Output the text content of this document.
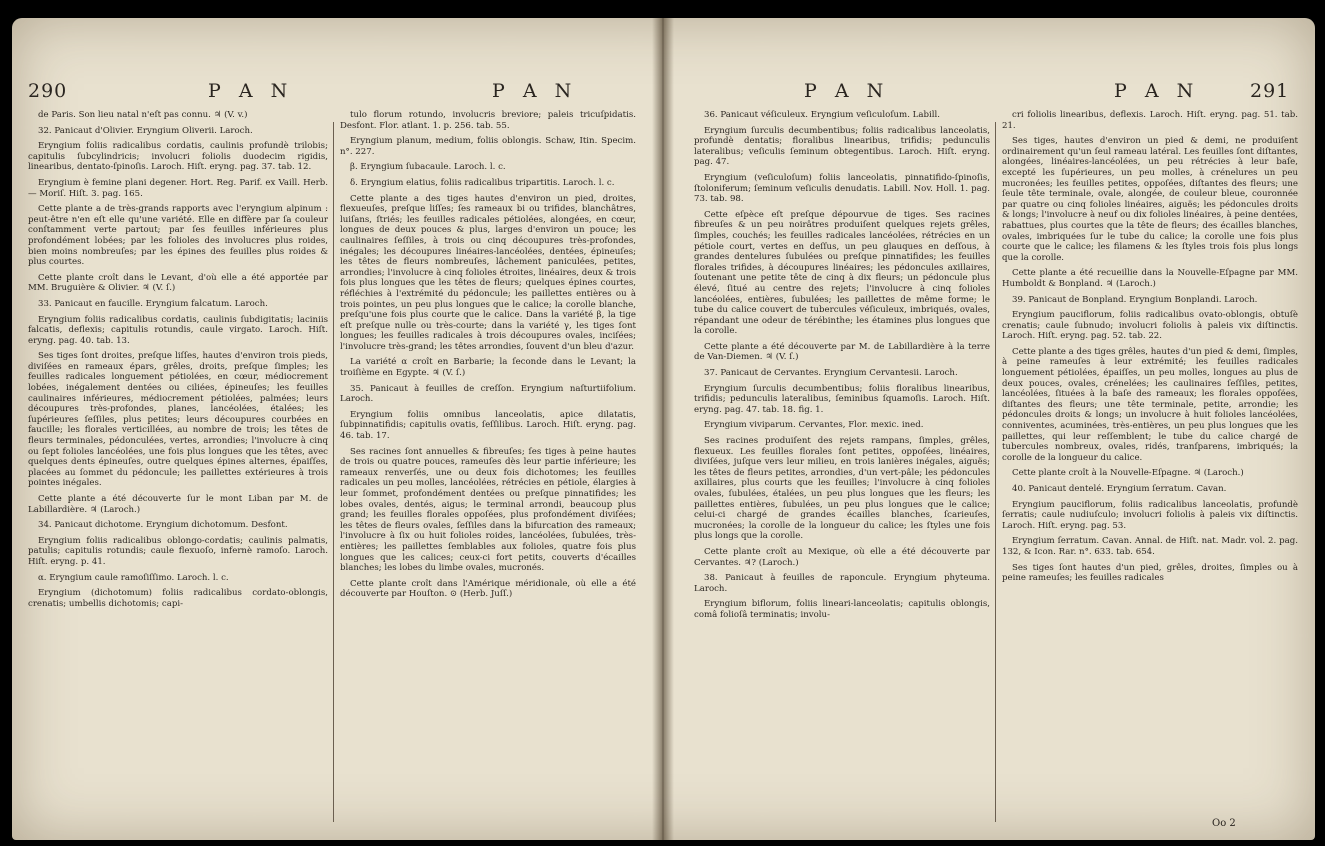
290	P A N	P A N

de Paris. Son lieu natal n'eſt pas connu. ♃ (V. v.)

32. Panicaut d'Olivier. Eryngium Oliverii. Laroch.

Eryngium foliis radicalibus cordatis, caulinis profundè trilobis; capitulis ſubcylindricis; involucri foliolis duodecim rigidis, linearibus, dentato-ſpinoſis. Laroch. Hiſt. eryng. pag. 37. tab. 12.

Eryngium è femine plani degener. Hort. Reg. Parif. ex Vaill. Herb. — Moriſ. Hiſt. 3. pag. 165.

Cette plante a de très-grands rapports avec l'eryngium alpinum : peut-être n'en eſt elle qu'une variété. Elle en diffère par ſa couleur conſtamment verte partout; par ſes feuilles inférieures plus profondément lobées; par les folioles des involucres plus roides, bien moins nombreuſes; par les épines des feuilles plus roides & plus courtes.

Cette plante croît dans le Levant, d'où elle a été apportée par MM. Bruguière & Olivier. ♃ (V. ſ.)

33. Panicaut en faucille. Eryngium falcatum. Laroch.

Eryngium foliis radicalibus cordatis, caulinis ſubdigitatis; laciniis falcatis, deflexis; capitulis rotundis, caule virgato. Laroch. Hiſt. eryng. pag. 40. tab. 13.

Ses tiges ſont droites, preſque liſſes, hautes d'environ trois pieds, diviſées en rameaux épars, grêles, droits, preſque ſimples; les feuilles radicales longuement pétiolées, en cœur, médiocrement lobées, inégalement dentées ou ciliées, épineuſes; les feuilles caulinaires inférieures, médiocrement pétiolées, palmées; leurs découpures très-profondes, planes, lancéolées, étalées; les ſupérieures ſeſſiles, plus petites; leurs découpures courbées en faucille; les florales verticillées, au nombre de trois; les têtes de fleurs terminales, pédonculées, vertes, arrondies; l'involucre à cinq ou ſept folioles lancéolées, une fois plus longues que les têtes, avec quelques dents épineuſes, outre quelques épines alternes, épaiſſes, placées au ſommet du pédoncule; les paillettes extérieures à trois pointes inégales.

Cette plante a été découverte ſur le mont Liban par M. de Labillardière. ♃ (Laroch.)

34. Panicaut dichotome. Eryngium dichotomum. Desfont.

Eryngium foliis radicalibus oblongo-cordatis; caulinis palmatis, patulis; capitulis rotundis; caule flexuoſo, infernè ramoſo. Laroch. Hiſt. eryng. p. 41.

α. Eryngium caule ramoſiſſimo. Laroch. l. c.

Eryngium (dichotomum) foliis radicalibus cordato-oblongis, crenatis; umbellis dichotomis; capi-

tulo florum rotundo, involucris breviore; paleis tricuſpidatis. Desfont. Flor. atlant. 1. p. 256. tab. 55.

Eryngium planum, medium, foliis oblongis. Schaw, Itin. Specim. n°. 227.

β. Eryngium ſubacaule. Laroch. l. c.

δ. Eryngium elatius, foliis radicalibus tripartitis. Laroch. l. c.

Cette plante a des tiges hautes d'environ un pied, droites, flexueuſes, preſque liſſes; ſes rameaux bi ou trifides, blanchâtres, luiſans, ſtriés; les feuilles radicales pétiolées, alongées, en cœur, longues de deux pouces & plus, larges d'environ un pouce; les caulinaires ſeſſiles, à trois ou cinq découpures très-profondes, inégales; les découpures linéaires-lancéolées, dentées, épineuſes; les têtes de fleurs nombreuſes, lâchement paniculées, petites, arrondies; l'involucre à cinq folioles étroites, linéaires, deux & trois fois plus longues que les têtes de fleurs; quelques épines courtes, réfléchies à l'extrémité du pédoncule; les paillettes entières ou à trois pointes, un peu plus longues que le calice; la corolle blanche, preſqu'une fois plus courte que le calice. Dans la variété β, la tige eſt preſque nulle ou très-courte; dans la variété γ, les tiges ſont longues; les feuilles radicales à trois découpures ovales, inciſées; l'involucre très-grand; les têtes arrondies, ſouvent d'un bleu d'azur.

La variété α croît en Barbarie; la ſeconde dans le Levant; la troiſième en Egypte. ♃ (V. ſ.)

35. Panicaut à feuilles de creſſon. Eryngium naſturtiifolium. Laroch.

Eryngium foliis omnibus lanceolatis, apice dilatatis, ſubpinnatifidis; capitulis ovatis, ſeſſilibus. Laroch. Hiſt. eryng. pag. 46. tab. 17.

Ses racines ſont annuelles & fibreuſes; ſes tiges à peine hautes de trois ou quatre pouces, rameuſes dès leur partie inférieure; les rameaux renverſés, une ou deux fois dichotomes; les feuilles radicales un peu molles, lancéolées, rétrécies en pétiole, élargies à leur ſommet, profondément dentées ou preſque pinnatifides; les lobes ovales, dentés, aigus; le terminal arrondi, beaucoup plus grand; les feuilles florales oppoſées, plus profondément diviſées; les têtes de fleurs ovales, ſeſſiles dans la bifurcation des rameaux; l'involucre à ſix ou huit folioles roides, lancéolées, ſubulées, très-entières; les paillettes ſemblables aux folioles, quatre fois plus longues que les calices; ceux-ci fort petits, couverts d'écailles blanches; les lobes du limbe ovales, mucronés.

Cette plante croît dans l'Amérique méridionale, où elle a été découverte par Houſton. ⊙ (Herb. Juſſ.)

P A N	P A N	291

36. Panicaut véſiculeux. Eryngium veſiculoſum. Labill.

Eryngium ſurculis decumbentibus; foliis radicalibus lanceolatis, profundè dentatis; floralibus linearibus, trifidis; pedunculis lateralibus; veſiculis ſeminum obtegentibus. Laroch. Hiſt. eryng. pag. 47.

Eryngium (veſiculoſum) foliis lanceolatis, pinnatifido-ſpinoſis, ſtoloniferum; ſeminum veſiculis denudatis. Labill. Nov. Holl. 1. pag. 73. tab. 98.

Cette eſpèce eſt preſque dépourvue de tiges. Ses racines fibreuſes & un peu noirâtres produiſent quelques rejets grêles, ſimples, couchés; les feuilles radicales lancéolées, rétrécies en un pétiole court, vertes en deſſus, un peu glauques en deſſous, à grandes dentelures ſubulées ou preſque pinnatifides; les feuilles florales trifides, à découpures linéaires; les pédoncules axillaires, ſoutenant une petite tête de cinq à dix fleurs; un pédoncule plus élevé, ſitué au centre des rejets; l'involucre à cinq folioles lancéolées, entières, ſubulées; les paillettes de même forme; le tube du calice couvert de tubercules véſiculeux, imbriqués, ovales, répandant une odeur de térébinthe; les étamines plus longues que la corolle.

Cette plante a été découverte par M. de Labillardière à la terre de Van-Diemen. ♃ (V. ſ.)

37. Panicaut de Cervantes. Eryngium Cervantesii. Laroch.

Eryngium ſurculis decumbentibus; foliis floralibus linearibus, trifidis; pedunculis lateralibus, ſeminibus ſquamoſis. Laroch. Hiſt. eryng. pag. 47. tab. 18. fig. 1.

Eryngium viviparum. Cervantes, Flor. mexic. ined.

Ses racines produiſent des rejets rampans, ſimples, grêles, flexueux. Les feuilles florales ſont petites, oppoſées, linéaires, diviſées, juſque vers leur milieu, en trois lanières inégales, aiguës; les têtes de fleurs petites, arrondies, d'un vert-pâle; les pédoncules axillaires, plus courts que les feuilles; l'involucre à cinq folioles ovales, ſubulées, étalées, un peu plus longues que les fleurs; les paillettes entières, ſubulées, un peu plus longues que le calice; celui-ci chargé de grandes écailles blanches, ſcarieuſes, mucronées; la corolle de la longueur du calice; les ſtyles une fois plus longs que la corolle.

Cette plante croît au Mexique, où elle a été découverte par Cervantes. ♃? (Laroch.)

38. Panicaut à feuilles de raponcule. Eryngium phyteuma. Laroch.

Eryngium biflorum, foliis lineari-lanceolatis; capitulis oblongis, comâ folioſâ terminatis; involu-

cri foliolis linearibus, deflexis. Laroch. Hiſt. eryng. pag. 51. tab. 21.

Ses tiges, hautes d'environ un pied & demi, ne produiſent ordinairement qu'un ſeul rameau latéral. Les feuilles ſont diſtantes, alongées, linéaires-lancéolées, un peu rétrécies à leur baſe, excepté les ſupérieures, un peu molles, à crénelures un peu mucronées; les feuilles petites, oppoſées, diſtantes des fleurs; une ſeule tête terminale, ovale, alongée, de couleur bleue, couronnée par quatre ou cinq folioles linéaires, aiguës; les pédoncules droits & longs; l'involucre à neuf ou dix folioles linéaires, à peine dentées, rabattues, plus courtes que la tête de fleurs; des écailles blanches, ovales, imbriquées ſur le tube du calice; la corolle une fois plus courte que le calice; les filamens & les ſtyles trois fois plus longs que la corolle.

Cette plante a été recueillie dans la Nouvelle-Eſpagne par MM. Humboldt & Bonpland. ♃ (Laroch.)

39. Panicaut de Bonpland. Eryngium Bonplandi. Laroch.

Eryngium pauciflorum, foliis radicalibus ovato-oblongis, obtuſè crenatis; caule ſubnudo; involucri foliolis à paleis vix diſtinctis. Laroch. Hiſt. eryng. pag. 52. tab. 22.

Cette plante a des tiges grêles, hautes d'un pied & demi, ſimples, à peine rameuſes à leur extrémité; les feuilles radicales longuement pétiolées, épaiſſes, un peu molles, longues au plus de deux pouces, ovales, crénelées; les caulinaires ſeſſiles, petites, lancéolées, ſituées à la baſe des rameaux; les florales oppoſées, diſtantes des fleurs; une tête terminale, petite, arrondie; les pédoncules droits & longs; un involucre à huit folioles lancéolées, conniventes, acuminées, très-entières, un peu plus longues que les paillettes, qui leur reſſemblent; le tube du calice chargé de tubercules nombreux, ovales, ridés, tranſparens, imbriqués; la corolle de la longueur du calice.

Cette plante croît à la Nouvelle-Eſpagne. ♃ (Laroch.)

40. Panicaut dentelé. Eryngium ſerratum. Cavan.

Eryngium pauciflorum, foliis radicalibus lanceolatis, profundè ſerratis; caule nudiuſculo; involucri foliolis à paleis vix diſtinctis. Laroch. Hiſt. eryng. pag. 53.

Eryngium ſerratum. Cavan. Annal. de Hiſt. nat. Madr. vol. 2. pag. 132, & Icon. Rar. n°. 633. tab. 654.

Ses tiges ſont hautes d'un pied, grêles, droites, ſimples ou à peine rameuſes; les feuilles radicales

Oo 2
